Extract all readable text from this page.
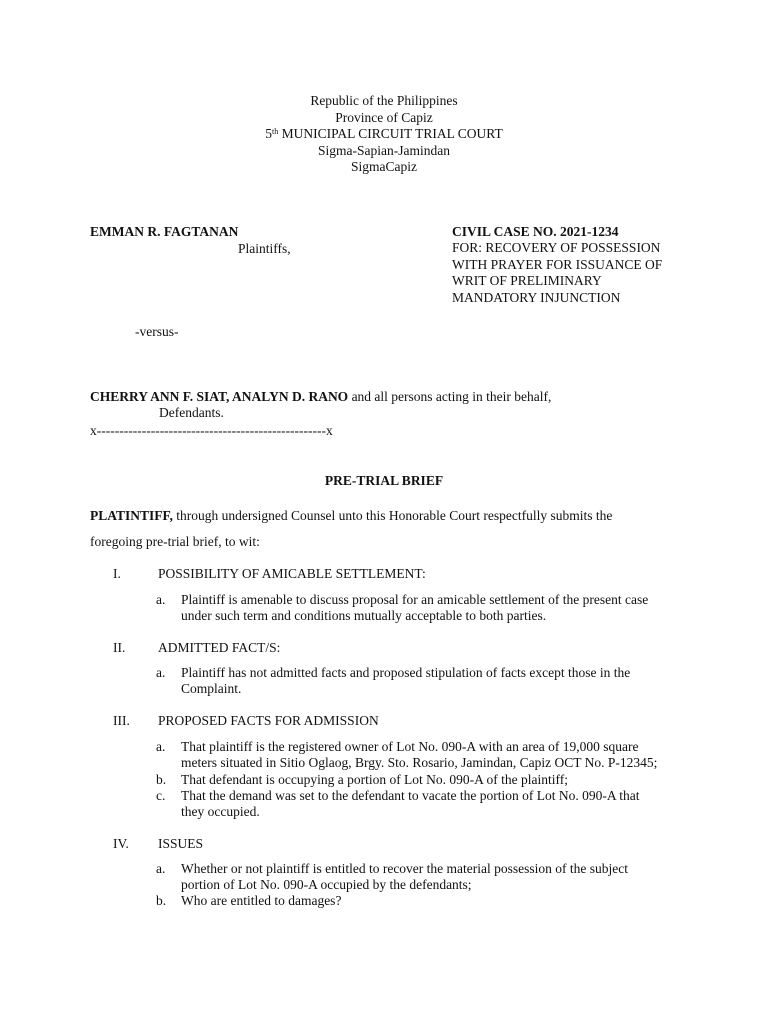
Republic of the Philippines
Province of Capiz
5th MUNICIPAL CIRCUIT TRIAL COURT
Sigma-Sapian-Jamindan
SigmaCapiz
EMMAN R. FAGTANAN
Plaintiffs,
CIVIL CASE NO. 2021-1234
FOR: RECOVERY OF POSSESSION
WITH PRAYER FOR ISSUANCE OF
WRIT OF PRELIMINARY
MANDATORY INJUNCTION
-versus-
CHERRY ANN F. SIAT, ANALYN D. RANO and all persons acting in their behalf,
Defendants.
x---------------------------------------------------x
PRE-TRIAL BRIEF
PLATINTIFF, through undersigned Counsel unto this Honorable Court respectfully submits the
foregoing pre-trial brief, to wit:
I.	POSSIBILITY OF AMICABLE SETTLEMENT:
a. Plaintiff is amenable to discuss proposal for an amicable settlement of the present case
under such term and conditions mutually acceptable to both parties.
II. ADMITTED FACT/S:
a. Plaintiff has not admitted facts and proposed stipulation of facts except those in the
Complaint.
III. PROPOSED FACTS FOR ADMISSION
a. That plaintiff is the registered owner of Lot No. 090-A with an area of 19,000 square
meters situated in Sitio Oglaog, Brgy. Sto. Rosario, Jamindan, Capiz OCT No. P-12345;
b. That defendant is occupying a portion of Lot No. 090-A of the plaintiff;
c. That the demand was set to the defendant to vacate the portion of Lot No. 090-A that
they occupied.
IV. ISSUES
a. Whether or not plaintiff is entitled to recover the material possession of the subject
portion of Lot No. 090-A occupied by the defendants;
b. Who are entitled to damages?
